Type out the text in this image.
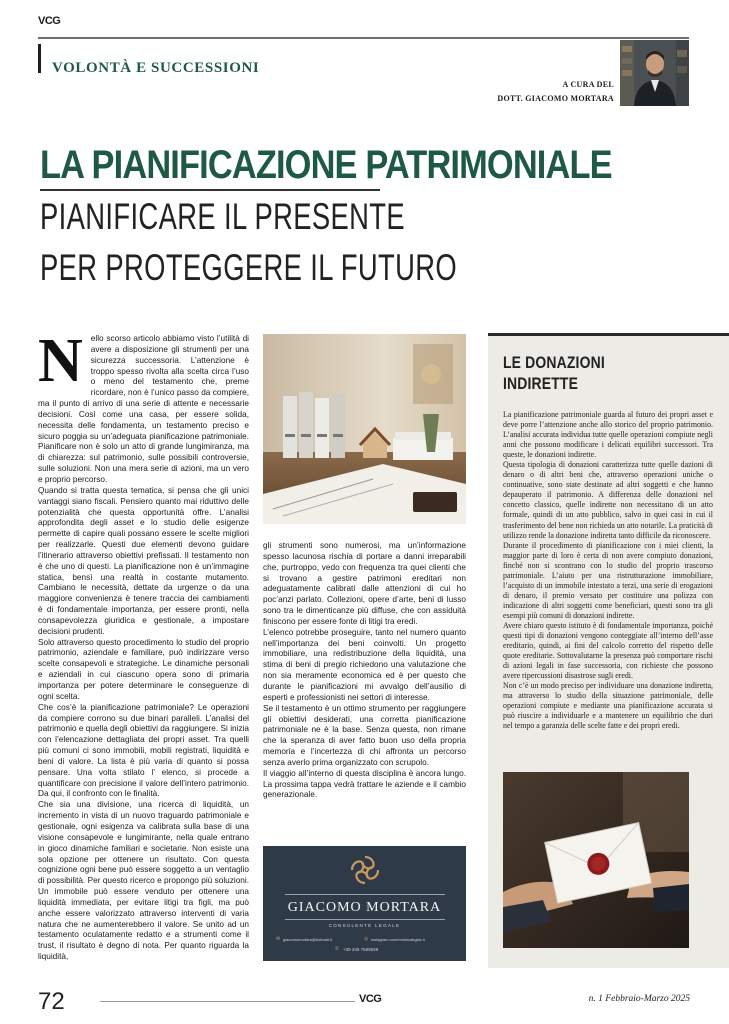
VCG
VOLONTÀ E SUCCESSIONI
A CURA DEL
DOTT. GIACOMO MORTARA
LA PIANIFICAZIONE PATRIMONIALE
PIANIFICARE IL PRESENTE
PER PROTEGGERE IL FUTURO
N ello scorso articolo abbiamo visto l’utilità di avere a disposizione gli strumenti per una sicurezza successoria. L’attenzione è troppo spesso rivolta alla scelta circa l’uso o meno del testamento che, preme ricordare, non è l’unico passo da compiere, ma il punto di arrivo di una serie di attente e necessarie decisioni. Così come una casa, per essere solida, necessita delle fondamenta, un testamento preciso e sicuro poggia su un’adeguata pianificazione patrimoniale. Pianificare non è solo un atto di grande lungimiranza, ma di chiarezza: sul patrimonio, sulle possibili controversie, sulle soluzioni. Non una mera serie di azioni, ma un vero e proprio percorso.

Quando si tratta questa tematica, si pensa che gli unici vantaggi siano fiscali. Pensiero quanto mai riduttivo delle potenzialità che questa opportunità offre. L’analisi approfondita degli asset e lo studio delle esigenze permette di capire quali possano essere le scelte migliori per realizzarle. Questi due elementi devono guidare l’itinerario attraverso obiettivi prefissati. Il testamento non è che uno di questi. La pianificazione non è un’immagine statica, bensì una realtà in costante mutamento. Cambiano le necessità, dettate da urgenze o da una maggiore convenienza è tenere traccia dei cambiamenti è di fondamentale importanza, per essere pronti, nella consapevolezza giuridica e gestionale, a impostare decisioni prudenti.

Solo attraverso questo procedimento lo studio del proprio patrimonio, aziendale e familiare, può indirizzare verso scelte consapevoli e strategiche. Le dinamiche personali e aziendali in cui ciascuno opera sono di primaria importanza per potere determinare le conseguenze di ogni scelta.

Che cos’è la pianificazione patrimoniale? Le operazioni da compiere corrono su due binari paralleli. L’analisi del patrimonio e quella degli obiettivi da raggiungere. Si inizia con l’elencazione dettagliata dei propri asset. Tra quelli più comuni ci sono immobili, mobili registrati, liquidità e beni di valore. La lista è più varia di quanto si possa pensare. Una volta stilato l’ elenco, si procede a quantificare con precisione il valore dell’intero patrimonio. Da qui, il confronto con le finalità.

Che sia una divisione, una ricerca di liquidità, un incremento in vista di un nuovo traguardo patrimoniale e gestionale, ogni esigenza va calibrata sulla base di una visione consapevole e lungimirante, nella quale entrano in gioco dinamiche familiari e societarie. Non esiste una sola opzione per ottenere un risultato. Con questa cognizione ogni bene può essere soggetto a un ventaglio di possibilità. Per questo ricerco e propongo più soluzioni. Un immobile può essere venduto per ottenere una liquidità immediata, per evitare litigi tra figli, ma può anche essere valorizzato attraverso interventi di varia natura che ne aumenterebbero il valore. Se unito ad un testamento oculatamente redatto e a strumenti come il trust, il risultato è degno di nota. Per quanto riguarda la liquidità,

gli strumenti sono numerosi, ma un’informazione spesso lacunosa rischia di portare a danni irreparabili che, purtroppo, vedo con frequenza tra quei clienti che si trovano a gestire patrimoni ereditari non adeguatamente calibrati dalle attenzioni di cui ho poc’anzi parlato. Collezioni, opere d’arte, beni di lusso sono tra le dimenticanze più diffuse, che con assiduità finiscono per essere fonte di litigi tra eredi.

L’elenco potrebbe proseguire, tanto nel numero quanto nell’importanza dei beni coinvolti. Un progetto immobiliare, una redistribuzione della liquidità, una stima di beni di pregio richiedono una valutazione che non sia meramente economica ed è per questo che durante le pianificazioni mi avvalgo dell’ausilio di esperti e professionisti nei settori di interesse.

Se il testamento è un ottimo strumento per raggiungere gli obiettivi desiderati, una corretta pianificazione patrimoniale ne è la base. Senza questa, non rimane che la speranza di aver fatto buon uso della propria memoria e l’incertezza di chi affronta un percorso senza averlo prima organizzato con scrupolo.

Il viaggio all’interno di questa disciplina è ancora lungo. La prossima tappa vedrà trattare le aziende e il cambio generazionale.

GIACOMO MORTARA
CONSULENTE LEGALE
✉ giacomomortara@hotmail.it	◎ instagram.com/mortarabgiac.it
✆ +39 346 7589528
LE DONAZIONI INDIRETTE

La pianificazione patrimoniale guarda al futuro dei propri asset e deve porre l’attenzione anche allo storico del proprio patrimonio. L’analisi accurata individua tutte quelle operazioni compiute negli anni che possono modificare i delicati equilibri successori. Tra queste, le donazioni indirette.

Questa tipologia di donazioni caratterizza tutte quelle dazioni di denaro o di altri beni che, attraverso operazioni uniche o continuative, sono state destinate ad altri soggetti e che hanno depauperato il patrimonio. A differenza delle donazioni nel concetto classico, quelle indirette non necessitano di un atto formale, quindi di un atto pubblico, salvo in quei casi in cui il trasferimento del bene non richieda un atto notarile. La praticità di utilizzo rende la donazione indiretta tanto difficile da riconoscere.

Durante il procedimento di pianificazione con i miei clienti, la maggior parte di loro è certa di non avere compiuto donazioni, finché non si scontrano con lo studio del proprio trascorso patrimoniale. L’aiuto per una ristrutturazione immobiliare, l’acquisto di un immobile intestato a terzi, una serie di erogazioni di denaro, il premio versato per costituire una polizza con indicazione di altri soggetti come beneficiari, questi sono tra gli esempi più comuni di donazioni indirette.

Avere chiaro questo istituto è di fondamentale importanza, poiché questi tipi di donazioni vengono conteggiate all’interno dell’asse ereditario, quindi, ai fini del calcolo corretto del rispetto delle quote ereditarie. Sottovalutarne la presenza può comportare rischi di azioni legali in fase successoria, con richieste che possono avere ripercussioni disastrose sugli eredi.

Non c’è un modo preciso per individuare una donazione indiretta, ma attraverso lo studio della situazione patrimoniale, delle operazioni compiute e mediante una pianificazione accurata si può riuscire a individuarle e a mantenere un equilibrio che duri nel tempo a garanzia delle scelte fatte e dei propri eredi.

72	VCG	n. 1 Febbraio-Marzo 2025
